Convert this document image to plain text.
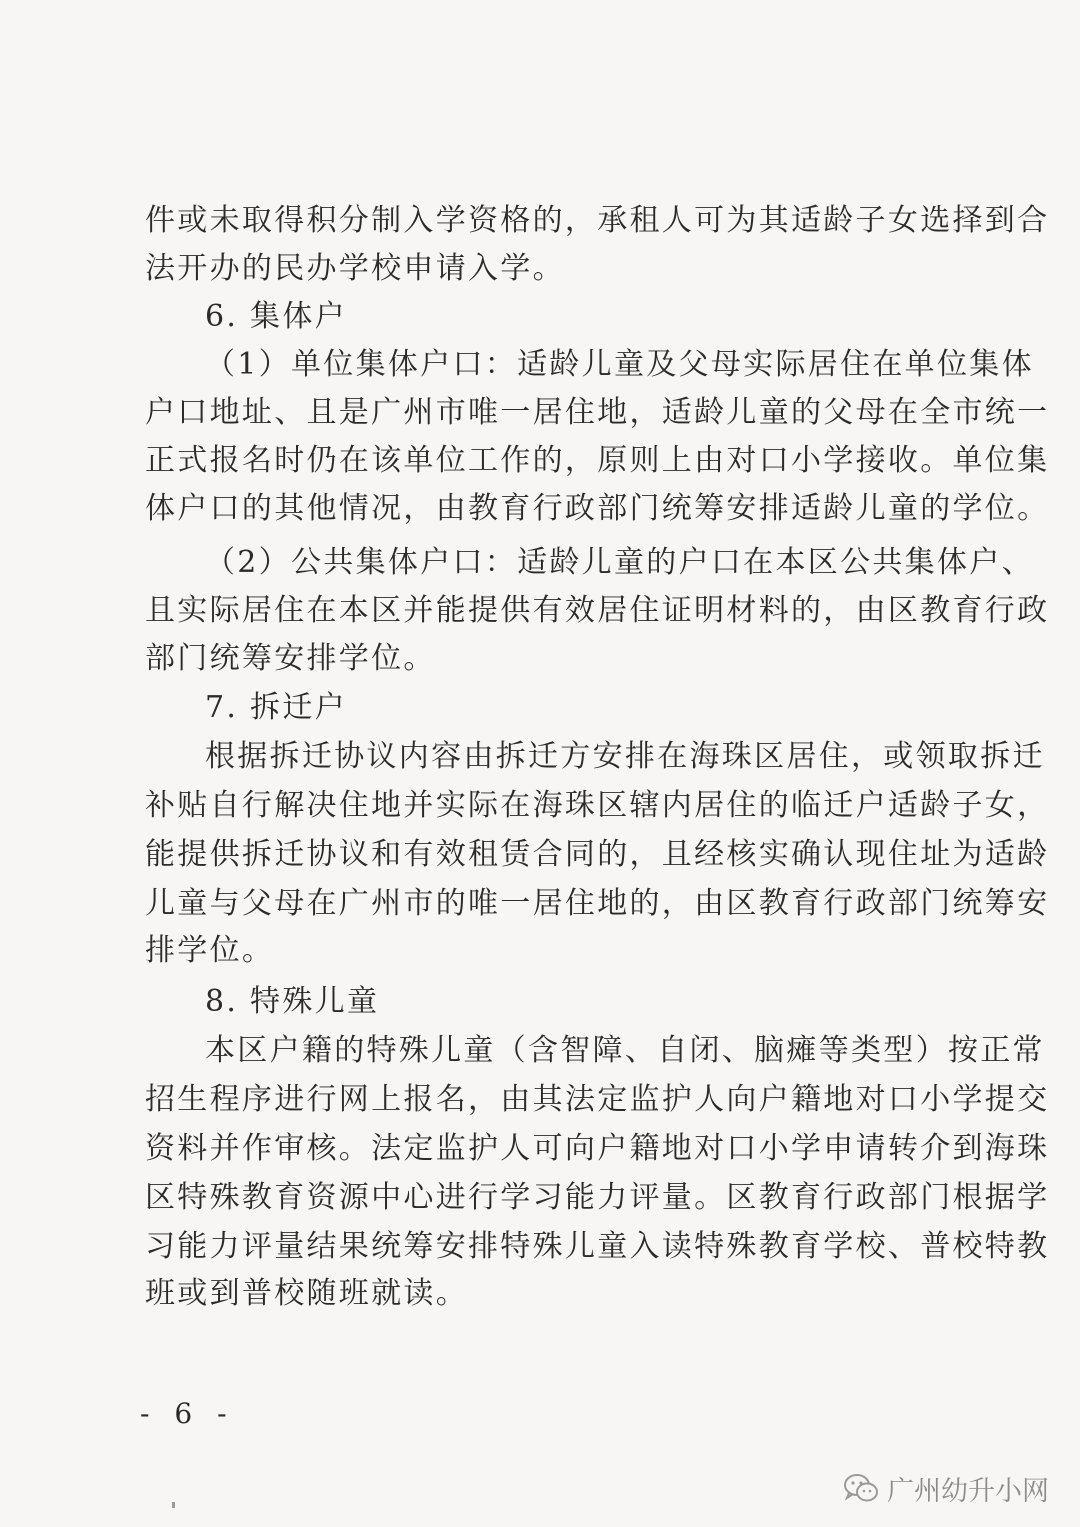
件或未取得积分制入学资格的，承租人可为其适龄子女选择到合
法开办的民办学校申请入学。
6. 集体户
（1）单位集体户口：适龄儿童及父母实际居住在单位集体
户口地址、且是广州市唯一居住地，适龄儿童的父母在全市统一
正式报名时仍在该单位工作的，原则上由对口小学接收。单位集
体户口的其他情况，由教育行政部门统筹安排适龄儿童的学位。
（2）公共集体户口：适龄儿童的户口在本区公共集体户、
且实际居住在本区并能提供有效居住证明材料的，由区教育行政
部门统筹安排学位。
7. 拆迁户
根据拆迁协议内容由拆迁方安排在海珠区居住，或领取拆迁
补贴自行解决住地并实际在海珠区辖内居住的临迁户适龄子女，
能提供拆迁协议和有效租赁合同的，且经核实确认现住址为适龄
儿童与父母在广州市的唯一居住地的，由区教育行政部门统筹安
排学位。
8. 特殊儿童
本区户籍的特殊儿童（含智障、自闭、脑瘫等类型）按正常
招生程序进行网上报名，由其法定监护人向户籍地对口小学提交
资料并作审核。法定监护人可向户籍地对口小学申请转介到海珠
区特殊教育资源中心进行学习能力评量。区教育行政部门根据学
习能力评量结果统筹安排特殊儿童入读特殊教育学校、普校特教
班或到普校随班就读。
- 6 -
广州幼升小网
